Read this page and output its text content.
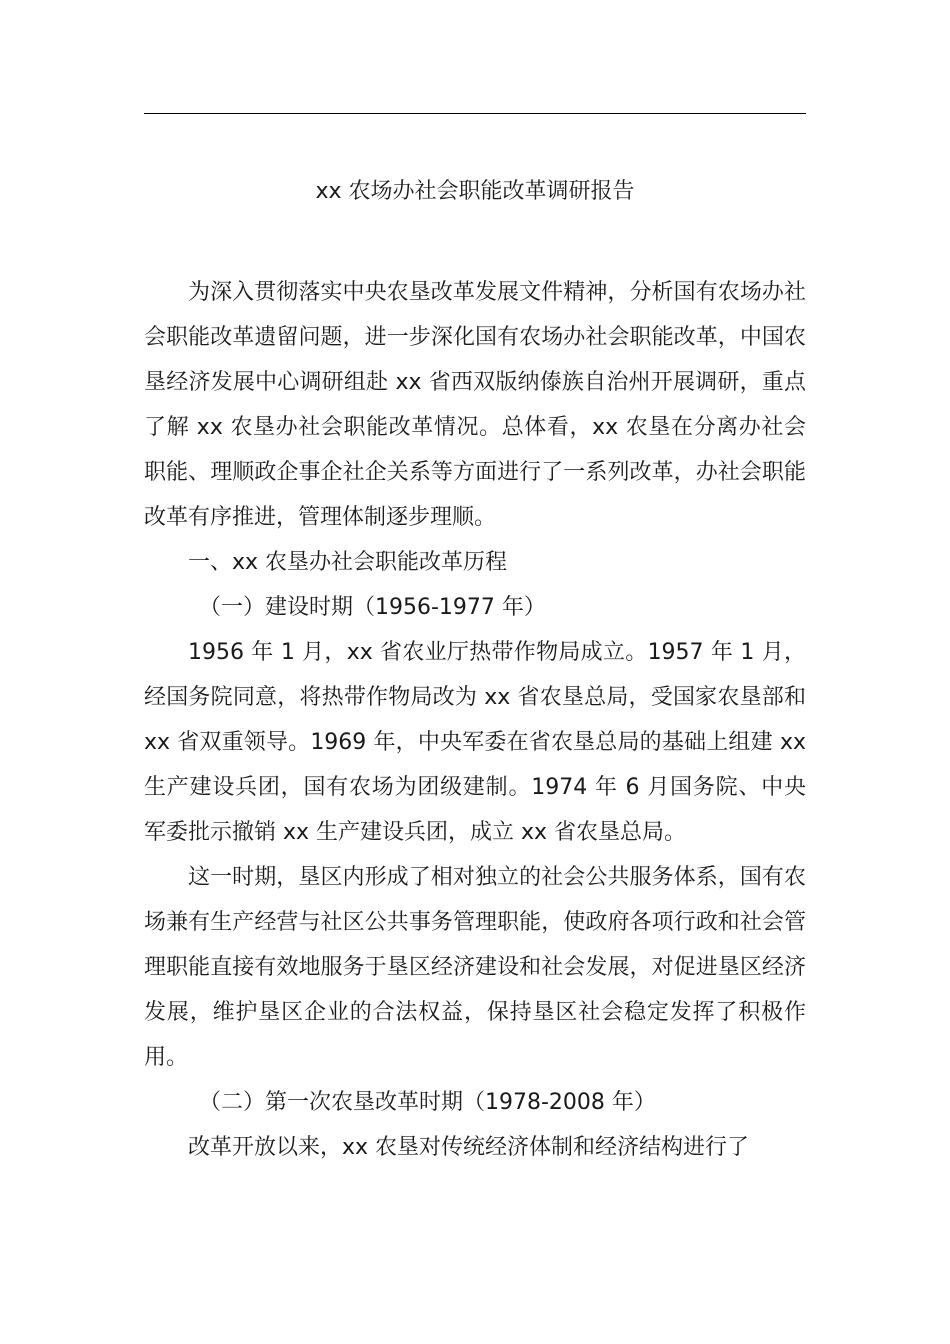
xx 农场办社会职能改革调研报告

为深入贯彻落实中央农垦改革发展文件精神，分析国有农场办社会职能改革遗留问题，进一步深化国有农场办社会职能改革，中国农垦经济发展中心调研组赴 xx 省西双版纳傣族自治州开展调研，重点了解 xx 农垦办社会职能改革情况。总体看，xx 农垦在分离办社会职能、理顺政企事企社企关系等方面进行了一系列改革，办社会职能改革有序推进，管理体制逐步理顺。

一、xx 农垦办社会职能改革历程

（一）建设时期（1956-1977 年）

1956 年 1 月，xx 省农业厅热带作物局成立。1957 年 1 月，经国务院同意，将热带作物局改为 xx 省农垦总局，受国家农垦部和 xx 省双重领导。1969 年，中央军委在省农垦总局的基础上组建 xx 生产建设兵团，国有农场为团级建制。1974 年 6 月国务院、中央军委批示撤销 xx 生产建设兵团，成立 xx 省农垦总局。

这一时期，垦区内形成了相对独立的社会公共服务体系，国有农场兼有生产经营与社区公共事务管理职能，使政府各项行政和社会管理职能直接有效地服务于垦区经济建设和社会发展，对促进垦区经济发展，维护垦区企业的合法权益，保持垦区社会稳定发挥了积极作用。

（二）第一次农垦改革时期（1978-2008 年）

改革开放以来，xx 农垦对传统经济体制和经济结构进行了
